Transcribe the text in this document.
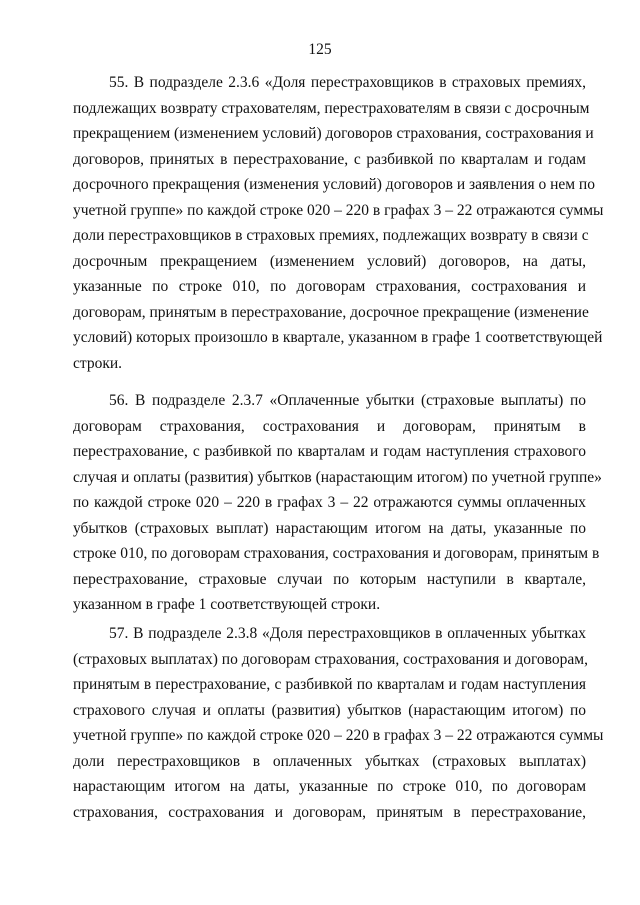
125
55. В подразделе 2.3.6 «Доля перестраховщиков в страховых премиях,
подлежащих возврату страхователям, перестрахователям в связи с досрочным
прекращением (изменением условий) договоров страхования, сострахования и
договоров, принятых в перестрахование, с разбивкой по кварталам и годам
досрочного прекращения (изменения условий) договоров и заявления о нем по
учетной группе» по каждой строке 020 – 220 в графах 3 – 22 отражаются суммы
доли перестраховщиков в страховых премиях, подлежащих возврату в связи с
досрочным прекращением (изменением условий) договоров, на даты,
указанные по строке 010, по договорам страхования, сострахования и
договорам, принятым в перестрахование, досрочное прекращение (изменение
условий) которых произошло в квартале, указанном в графе 1 соответствующей
строки.
56. В подразделе 2.3.7 «Оплаченные убытки (страховые выплаты) по
договорам страхования, сострахования и договорам, принятым в
перестрахование, с разбивкой по кварталам и годам наступления страхового
случая и оплаты (развития) убытков (нарастающим итогом) по учетной группе»
по каждой строке 020 – 220 в графах 3 – 22 отражаются суммы оплаченных
убытков (страховых выплат) нарастающим итогом на даты, указанные по
строке 010, по договорам страхования, сострахования и договорам, принятым в
перестрахование, страховые случаи по которым наступили в квартале,
указанном в графе 1 соответствующей строки.
57. В подразделе 2.3.8 «Доля перестраховщиков в оплаченных убытках
(страховых выплатах) по договорам страхования, сострахования и договорам,
принятым в перестрахование, с разбивкой по кварталам и годам наступления
страхового случая и оплаты (развития) убытков (нарастающим итогом) по
учетной группе» по каждой строке 020 – 220 в графах 3 – 22 отражаются суммы
доли перестраховщиков в оплаченных убытках (страховых выплатах)
нарастающим итогом на даты, указанные по строке 010, по договорам
страхования, сострахования и договорам, принятым в перестрахование,
